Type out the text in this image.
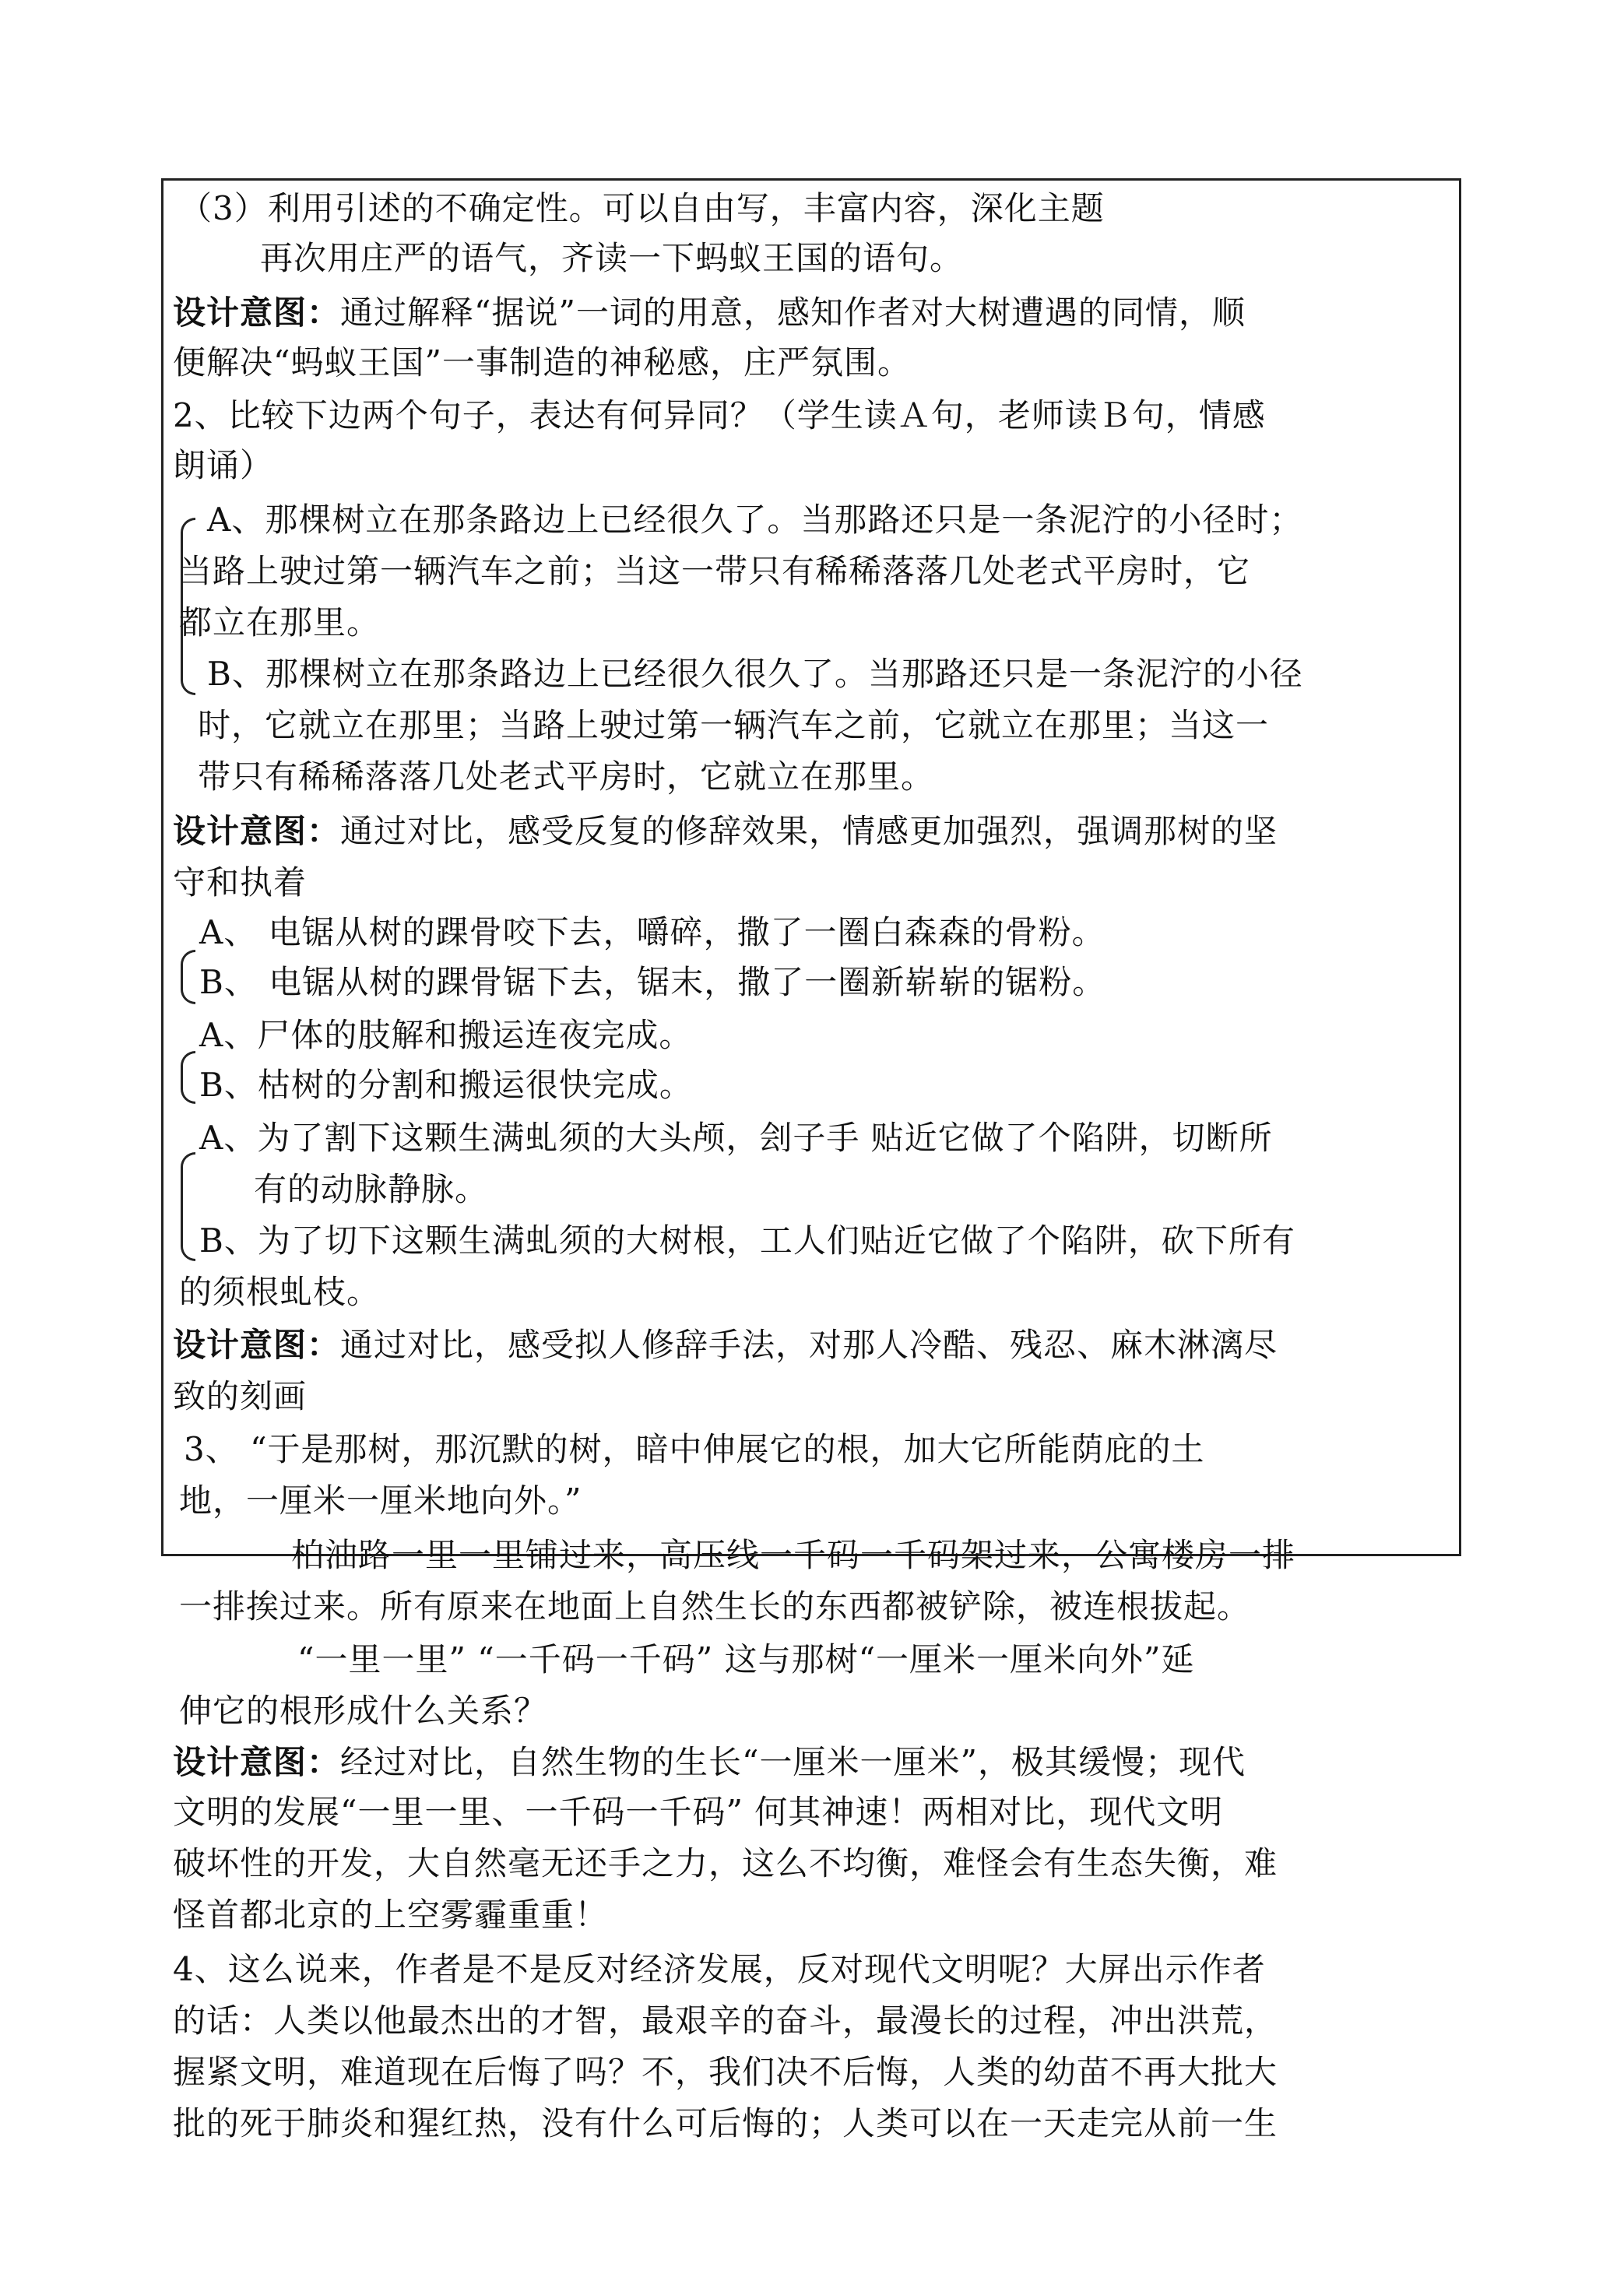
（3）利用引述的不确定性。可以自由写，丰富内容，深化主题
再次用庄严的语气，齐读一下蚂蚁王国的语句。
设计意图：通过解释“据说”一词的用意，感知作者对大树遭遇的同情，顺
便解决“蚂蚁王国”一事制造的神秘感，庄严氛围。
2、比较下边两个句子，表达有何异同？（学生读Ａ句，老师读Ｂ句，情感
朗诵）
A、那棵树立在那条路边上已经很久了。当那路还只是一条泥泞的小径时；
当路上驶过第一辆汽车之前；当这一带只有稀稀落落几处老式平房时，它
都立在那里。
B、那棵树立在那条路边上已经很久很久了。当那路还只是一条泥泞的小径
时，它就立在那里；当路上驶过第一辆汽车之前，它就立在那里；当这一
带只有稀稀落落几处老式平房时，它就立在那里。
设计意图：通过对比，感受反复的修辞效果，情感更加强烈，强调那树的坚
守和执着
A、 电锯从树的踝骨咬下去，嚼碎，撒了一圈白森森的骨粉。
B、 电锯从树的踝骨锯下去，锯末，撒了一圈新崭崭的锯粉。
A、尸体的肢解和搬运连夜完成。
B、枯树的分割和搬运很快完成。
A、为了割下这颗生满虬须的大头颅，刽子手 贴近它做了个陷阱，切断所
有的动脉静脉。
B、为了切下这颗生满虬须的大树根，工人们贴近它做了个陷阱，砍下所有
的须根虬枝。
设计意图：通过对比，感受拟人修辞手法，对那人冷酷、残忍、麻木淋漓尽
致的刻画
3、 “于是那树，那沉默的树，暗中伸展它的根，加大它所能荫庇的土
地，一厘米一厘米地向外。”
柏油路一里一里铺过来，高压线一千码一千码架过来，公寓楼房一排
一排挨过来。所有原来在地面上自然生长的东西都被铲除，被连根拔起。
“一里一里” “一千码一千码” 这与那树“一厘米一厘米向外”延
伸它的根形成什么关系？
设计意图：经过对比，自然生物的生长“一厘米一厘米”，极其缓慢；现代
文明的发展“一里一里、一千码一千码” 何其神速！两相对比，现代文明
破坏性的开发，大自然毫无还手之力，这么不均衡，难怪会有生态失衡，难
怪首都北京的上空雾霾重重！
4、这么说来，作者是不是反对经济发展，反对现代文明呢？大屏出示作者
的话：人类以他最杰出的才智，最艰辛的奋斗，最漫长的过程，冲出洪荒，
握紧文明，难道现在后悔了吗？不，我们决不后悔，人类的幼苗不再大批大
批的死于肺炎和猩红热，没有什么可后悔的；人类可以在一天走完从前一生
